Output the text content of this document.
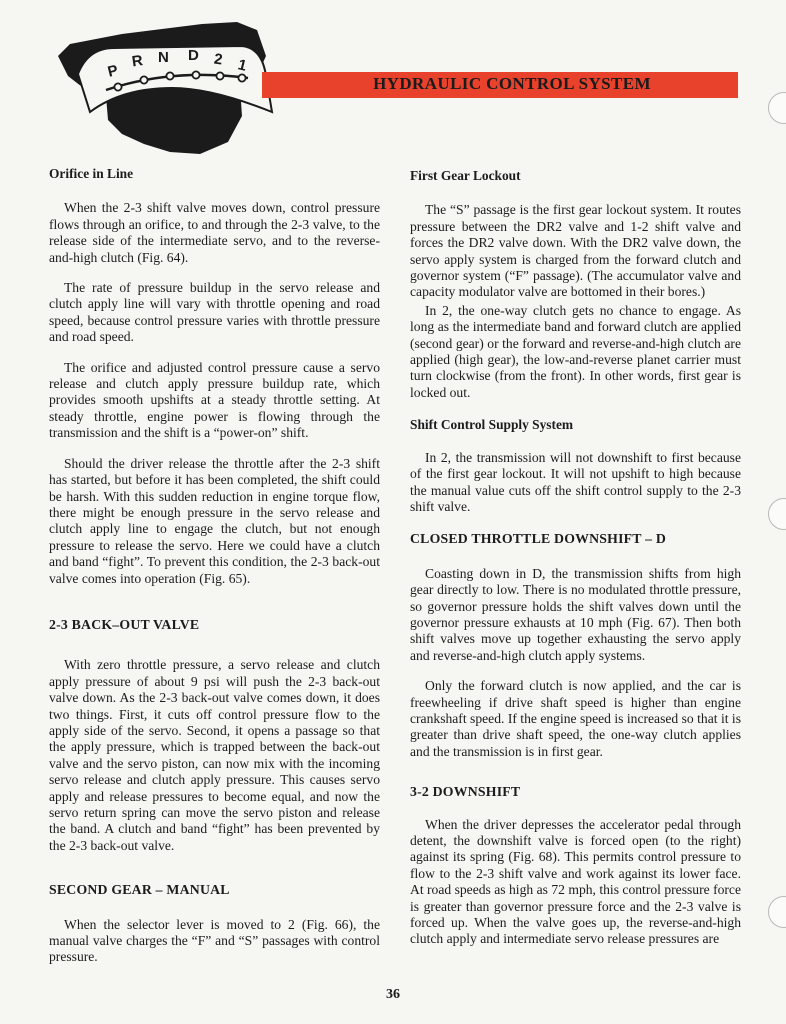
P
R N D 2 1
HYDRAULIC CONTROL SYSTEM
Orifice in Line

When the 2-3 shift valve moves down, control pressure flows through an orifice, to and through the 2-3 valve, to the release side of the intermediate servo, and to the reverse-and-high clutch (Fig. 64).

The rate of pressure buildup in the servo release and clutch apply line will vary with throttle opening and road speed, because control pressure varies with throttle pressure and road speed.

The orifice and adjusted control pressure cause a servo release and clutch apply pressure buildup rate, which provides smooth upshifts at a steady throttle setting. At steady throttle, engine power is flowing through the transmission and the shift is a “power-on” shift.

Should the driver release the throttle after the 2-3 shift has started, but before it has been completed, the shift could be harsh. With this sudden reduction in engine torque flow, there might be enough pressure in the servo release and clutch apply line to engage the clutch, but not enough pressure to release the servo. Here we could have a clutch and band “fight”. To prevent this condition, the 2-3 back-out valve comes into operation (Fig. 65).

2-3 BACK–OUT VALVE

With zero throttle pressure, a servo release and clutch apply pressure of about 9 psi will push the 2-3 back-out valve down. As the 2-3 back-out valve comes down, it does two things. First, it cuts off control pressure flow to the apply side of the servo. Second, it opens a passage so that the apply pressure, which is trapped between the back-out valve and the servo piston, can now mix with the incoming servo release and clutch apply pressure. This causes servo apply and release pressures to become equal, and now the servo return spring can move the servo piston and release the band. A clutch and band “fight” has been prevented by the 2-3 back-out valve.

SECOND GEAR – MANUAL

When the selector lever is moved to 2 (Fig. 66), the manual valve charges the “F” and “S” passages with control pressure.

First Gear Lockout

The “S” passage is the first gear lockout system. It routes pressure between the DR2 valve and 1-2 shift valve and forces the DR2 valve down. With the DR2 valve down, the servo apply system is charged from the forward clutch and governor system (“F” passage). (The accumulator valve and capacity modulator valve are bottomed in their bores.)

In 2, the one-way clutch gets no chance to engage. As long as the intermediate band and forward clutch are applied (second gear) or the forward and reverse-and-high clutch are applied (high gear), the low-and-reverse planet carrier must turn clockwise (from the front). In other words, first gear is locked out.

Shift Control Supply System

In 2, the transmission will not downshift to first because of the first gear lockout. It will not upshift to high because the manual value cuts off the shift control supply to the 2-3 shift valve.

CLOSED THROTTLE DOWNSHIFT – D

Coasting down in D, the transmission shifts from high gear directly to low. There is no modulated throttle pressure, so governor pressure holds the shift valves down until the governor pressure exhausts at 10 mph (Fig. 67). Then both shift valves move up together exhausting the servo apply and reverse-and-high clutch apply systems.

Only the forward clutch is now applied, and the car is freewheeling if drive shaft speed is higher than engine crankshaft speed. If the engine speed is increased so that it is greater than drive shaft speed, the one-way clutch applies and the transmission is in first gear.

3-2 DOWNSHIFT

When the driver depresses the accelerator pedal through detent, the downshift valve is forced open (to the right) against its spring (Fig. 68). This permits control pressure to flow to the 2-3 shift valve and work against its lower face. At road speeds as high as 72 mph, this control pressure force is greater than governor pressure force and the 2-3 valve is forced up. When the valve goes up, the reverse-and-high clutch apply and intermediate servo release pressures are

36
